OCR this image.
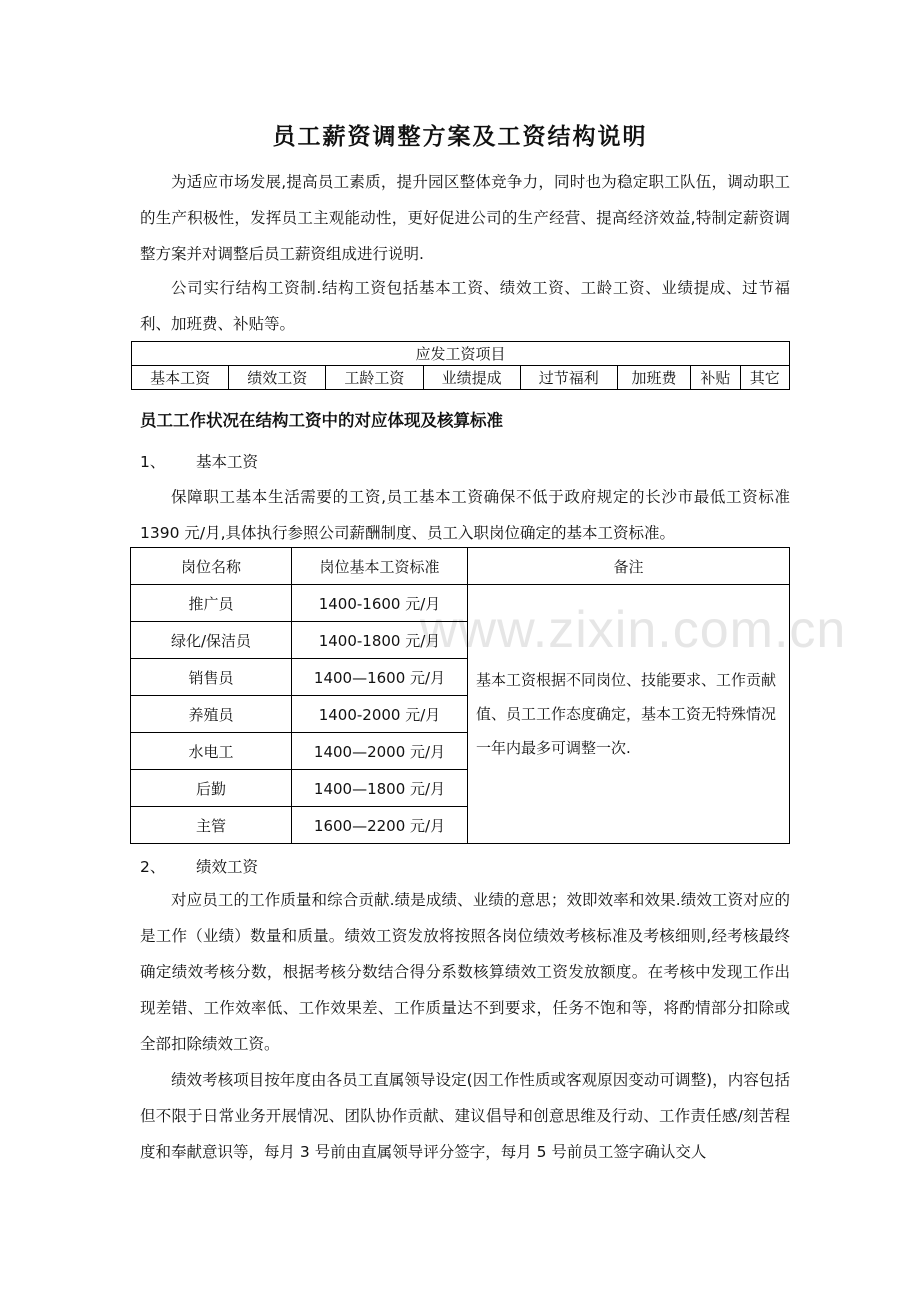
www.zixin.com.cn
员工薪资调整方案及工资结构说明

为适应市场发展,提高员工素质，提升园区整体竞争力，同时也为稳定职工队伍，调动职工的生产积极性，发挥员工主观能动性，更好促进公司的生产经营、提高经济效益,特制定薪资调整方案并对调整后员工薪资组成进行说明.

公司实行结构工资制.结构工资包括基本工资、绩效工资、工龄工资、业绩提成、过节福利、加班费、补贴等。

应发工资项目
基本工资	绩效工资	工龄工资	业绩提成	过节福利	加班费	补贴	其它
员工工作状况在结构工资中的对应体现及核算标准
1、 基本工资

保障职工基本生活需要的工资,员工基本工资确保不低于政府规定的长沙市最低工资标准 1390 元/月,具体执行参照公司薪酬制度、员工入职岗位确定的基本工资标准。

岗位名称	岗位基本工资标准	备注
推广员	1400-1600 元/月	基本工资根据不同岗位、技能要求、工作贡献值、员工工作态度确定，基本工资无特殊情况一年内最多可调整一次.
绿化/保洁员	1400-1800 元/月	
销售员	1400—1600 元/月	
养殖员	1400-2000 元/月	
水电工	1400—2000 元/月	
后勤	1400—1800 元/月	
主管	1600—2200 元/月	
2、 绩效工资

对应员工的工作质量和综合贡献.绩是成绩、业绩的意思；效即效率和效果.绩效工资对应的是工作（业绩）数量和质量。绩效工资发放将按照各岗位绩效考核标准及考核细则,经考核最终确定绩效考核分数，根据考核分数结合得分系数核算绩效工资发放额度。在考核中发现工作出现差错、工作效率低、工作效果差、工作质量达不到要求，任务不饱和等，将酌情部分扣除或全部扣除绩效工资。

绩效考核项目按年度由各员工直属领导设定(因工作性质或客观原因变动可调整)，内容包括但不限于日常业务开展情况、团队协作贡献、建议倡导和创意思维及行动、工作责任感/刻苦程度和奉献意识等，每月 3 号前由直属领导评分签字，每月 5 号前员工签字确认交人
